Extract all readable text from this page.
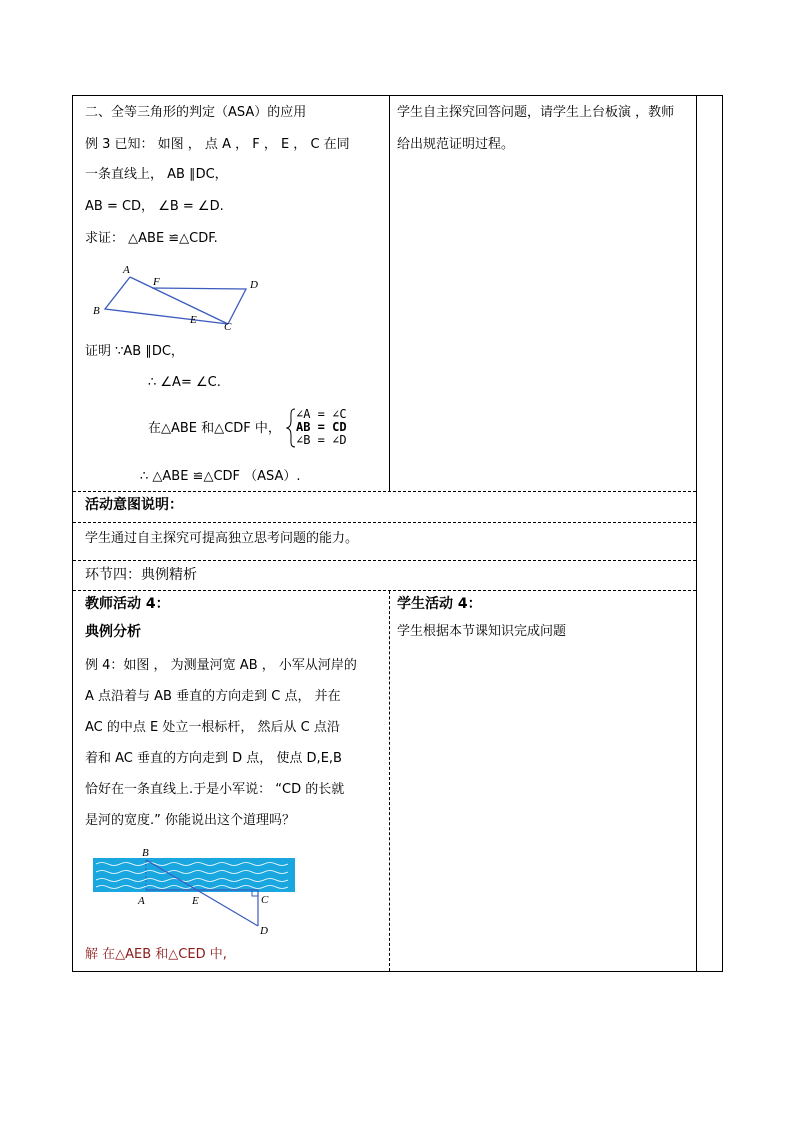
二、全等三角形的判定（ASA）的应用
例 3 已知： 如图 ， 点 A ， F ， E ， C 在同
一条直线上， AB ∥DC，
AB = CD， ∠B = ∠D.
求证： △ABE ≌△CDF.
A
F	D
B
E
C
证明 ∵AB ∥DC，
∴ ∠A= ∠C.
在△ABE 和△CDF 中，
∠A = ∠C
AB = CD
∠B = ∠D
∴ △ABE ≌△CDF （ASA）.
学生自主探究回答问题，请学生上台板演 ，教师
给出规范证明过程。
活动意图说明：
学生通过自主探究可提高独立思考问题的能力。
环节四：典例精析
教师活动 4：
典例分析
例 4：如图 ， 为测量河宽 AB ， 小军从河岸的
A 点沿着与 AB 垂直的方向走到 C 点， 并在
AC 的中点 E 处立一根标杆， 然后从 C 点沿
着和 AC 垂直的方向走到 D 点， 使点 D,E,B
恰好在一条直线上.于是小军说： “CD 的长就
是河的宽度.” 你能说出这个道理吗？
B
A	E	C
D
解 在△AEB 和△CED 中,
学生活动 4：
学生根据本节课知识完成问题
